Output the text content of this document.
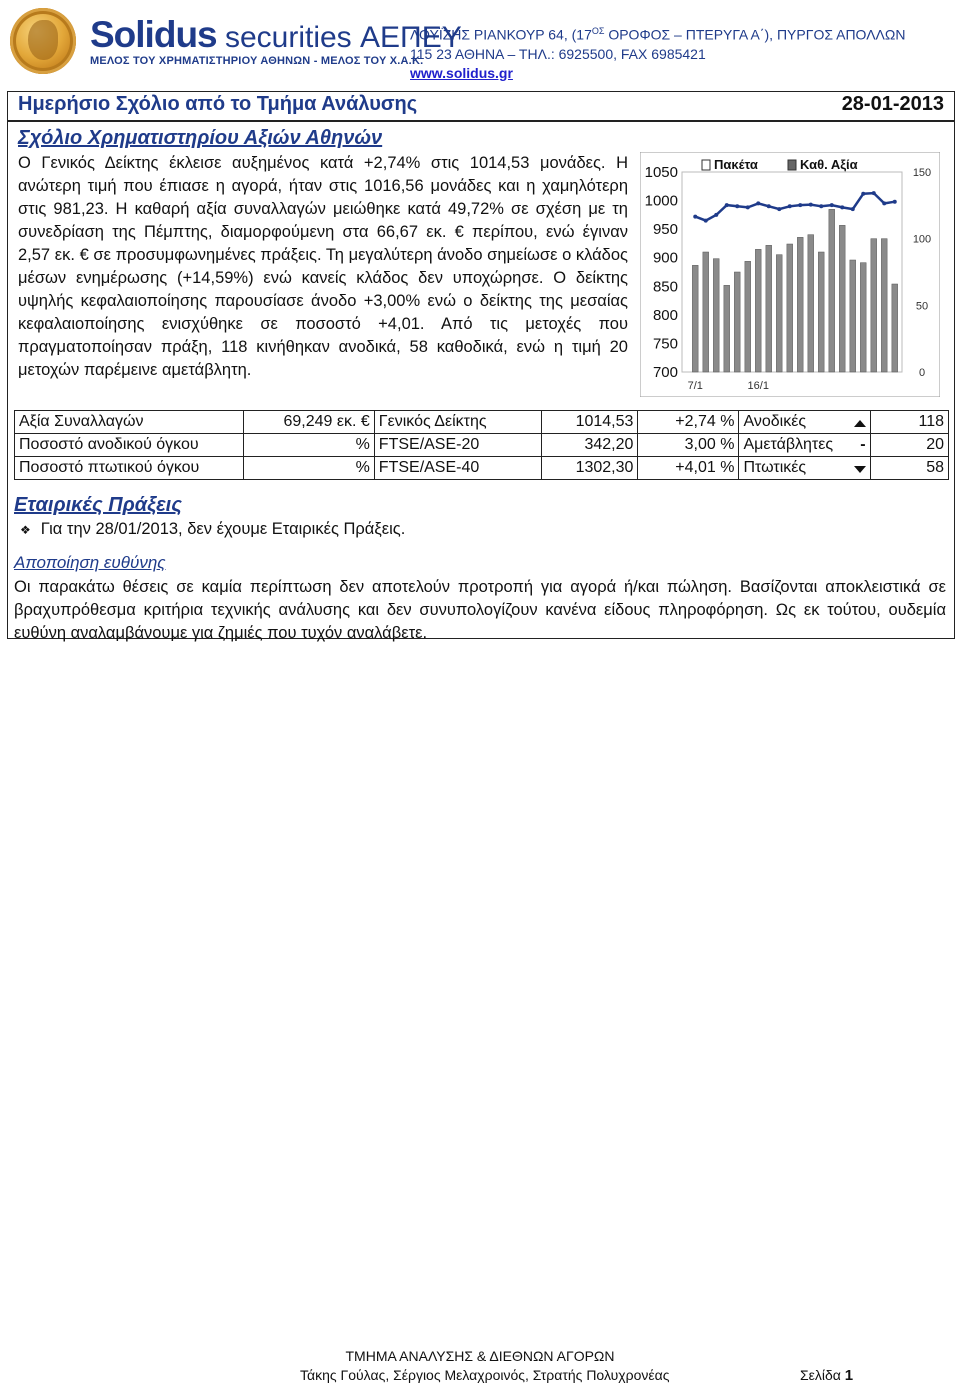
Solidus securities ΑΕΠΕΥ
ΜΕΛΟΣ ΤΟΥ ΧΡΗΜΑΤΙΣΤΗΡΙΟΥ ΑΘΗΝΩΝ - ΜΕΛΟΣ ΤΟΥ Χ.Α.Κ.
ΛΟΥΪΖΗΣ ΡΙΑΝΚΟΥΡ 64, ($17^{O\Sigma}$ ΟΡΟΦΟΣ – ΠΤΕΡΥΓΑ Α΄), ΠΥΡΓΟΣ ΑΠΟΛΛΩΝ
115 23 ΑΘΗΝΑ – ΤΗΛ.: 6925500, FAX 6985421
www.solidus.gr
Ημερήσιο Σχόλιο από το Τμήμα Ανάλυσης	28-01-2013
Σχόλιο Χρηματιστηρίου Αξιών Αθηνών
Ο Γενικός Δείκτης έκλεισε αυξημένος κατά +2,74% στις 1014,53 μονάδες. Η ανώτερη τιμή που έπιασε η αγορά, ήταν στις 1016,56 μονάδες και η χαμηλότερη στις 981,23. Η καθαρή αξία συναλλαγών μειώθηκε κατά 49,72% σε σχέση με τη συνεδρίαση της Πέμπτης, διαμορφούμενη στα 66,67 εκ. € περίπου, ενώ έγιναν 2,57 εκ. € σε προσυμφωνημένες πράξεις. Τη μεγαλύτερη άνοδο σημείωσε ο κλάδος μέσων ενημέρωσης (+14,59%) ενώ κανείς κλάδος δεν υποχώρησε. Ο δείκτης υψηλής κεφαλαιοποίησης παρουσίασε άνοδο +3,00% ενώ ο δείκτης της μεσαίας κεφαλαιοποίησης ενισχύθηκε σε ποσοστό +4,01. Από τις μετοχές που πραγματοποίησαν πράξη, 118 κινήθηκαν ανοδικά, 58 καθοδικά, ενώ η τιμή 20 μετοχών παρέμεινε αμετάβλητη.
1050
1000
950
900
850
800
750
700
150
100
50
0
Πακέτα	Καθ. Αξία
7/1	16/1
Αξία Συναλλαγών	69,249 εκ. €	Γενικός Δείκτης	1014,53	+2,74 %	Ανοδικές	118
Ποσοστό ανοδικού όγκου	%	FTSE/ASE-20	342,20	3,00 %	Αμετάβλητες -	20
Ποσοστό πτωτικού όγκου	%	FTSE/ASE-40	1302,30	+4,01 %	Πτωτικές	58
Εταιρικές Πράξεις
❖ Για την 28/01/2013, δεν έχουμε Εταιρικές Πράξεις.
Αποποίηση ευθύνης
Οι παρακάτω θέσεις σε καμία περίπτωση δεν αποτελούν προτροπή για αγορά ή/και πώληση. Βασίζονται αποκλειστικά σε βραχυπρόθεσμα κριτήρια τεχνικής ανάλυσης και δεν συνυπολογίζουν κανένα είδους πληροφόρηση. Ως εκ τούτου, ουδεμία ευθύνη αναλαμβάνουμε για ζημιές που τυχόν αναλάβετε.
ΤΜΗΜΑ ΑΝΑΛΥΣΗΣ & ΔΙΕΘΝΩΝ ΑΓΟΡΩΝ
Τάκης Γούλας, Σέργιος Μελαχροινός, Στρατής Πολυχρονέας	Σελίδα 1
